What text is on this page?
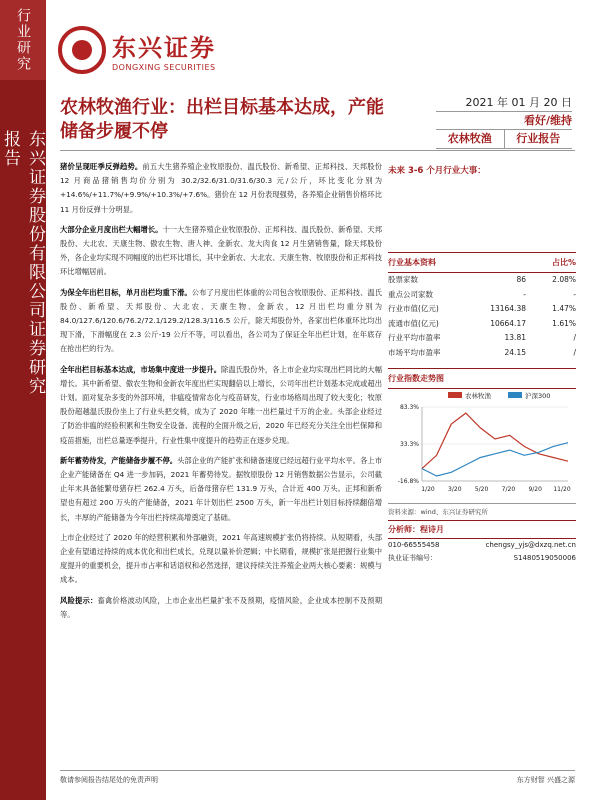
行业研究
东兴证券股份有限公司证券研究报告
东兴证券
DONGXING SECURITIES
农林牧渔行业：出栏目标基本达成，产能储备步履不停
2021 年 01 月 20 日
看好/维持
农林牧渔	行业报告

猪价呈现旺季反弹趋势。前五大生猪养殖企业牧原股份、温氏股份、新希望、正邦科技、天邦股份 12 月商品猪销售均价分别为 30.2/32.6/31.0/31.6/30.3 元/公斤，环比变化分别为+14.6%/+11.7%/+9.9%/+10.3%/+7.6%。猪价在 12 月份表现强势，各养殖企业销售价格环比 11 月份反弹十分明显。

大部分企业月度出栏大幅增长。十一大生猪养殖企业牧原股份、正邦科技、温氏股份、新希望、天邦股份、大北农、天康生物、傲农生物、唐人神、金新农、龙大肉食 12 月生猪销售量，除天邦股份外，各企业均实现不同幅度的出栏环比增长，其中金新农、大北农、天康生物、牧原股份和正邦科技环比增幅居前。

为保全年出栏目标，单月出栏均重下滑。公布了月度出栏体重的公司包含牧原股份、正邦科技、温氏股份、新希望、天邦股份、大北农、天康生物、金新农，12 月出栏均重分别为 84.0/127.6/120.6/76.2/72.1/129.2/128.3/116.5 公斤，除天邦股份外，各家出栏体重环比均出现下滑，下滑幅度在 2.3 公斤-19 公斤不等，可以看出，各公司为了保证全年出栏计划，在年底存在抢出栏的行为。

全年出栏目标基本达成，市场集中度进一步提升。除温氏股份外，各上市企业均实现出栏同比的大幅增长。其中新希望、傲农生物和金新农年度出栏实现翻倍以上增长，公司年出栏计划基本完成或超出计划。面对复杂多变的外部环境，非瘟疫情常态化与疫苗研发，行业市场格局出现了较大变化；牧原股份超越温氏股份坐上了行业头把交椅，成为了 2020 年唯一出栏量过千万的企业。头部企业经过了防治非瘟的经验积累和生物安全设备、流程的全面升级之后，2020 年已经充分关注全出栏保障和疫苗措施，出栏总量逐季提升，行业性集中度提升的趋势正在逐步兑现。

新年蓄势待发，产能储备步履不停。头部企业的产能扩张和储备速度已经远超行业平均水平。各上市企业产能储备在 Q4 进一步加码，2021 年蓄势待发。据牧原股份 12 月销售数据公告显示，公司截止年末具备能繁母猪存栏 262.4 万头，后备母猪存栏 131.9 万头，合计近 400 万头。正邦和新希望也有超过 200 万头的产能储备，2021 年计划出栏 2500 万头，新一年出栏计划目标持续翻倍增长，丰厚的产能储备为今年出栏持续高增奠定了基础。

上市企业经过了 2020 年的经营积累和外部融资，2021 年高速规模扩张仍将持续。从短期看，头部企业有望通过持续的成本优化和出栏成长，兑现以量补价逻辑；中长期看，规模扩张是把握行业集中度提升的重要机会，提升市占率和话语权和必然选择，建议持续关注养殖企业两大核心要素：规模与成本。

风险提示：畜禽价格波动风险，上市企业出栏量扩张不及预期，疫情风险，企业成本控制不及预期等。

未来 3-6 个月行业大事：
行业基本资料	占比%
股票家数	86	2.08%
重点公司家数	-	-
行业市值(亿元)	13164.38	1.47%
流通市值(亿元)	10664.17	1.61%
行业平均市盈率	13.81	/
市场平均市盈率	24.15	/
行业指数走势图
农林牧渔	沪深300
83.3%
33.3%
-16.8%
1/20 3/20 5/20 7/20 9/20 11/20
资料来源：wind、东兴证券研究所
分析师：程诗月
010-66555458	chengsy_yjs@dxzq.net.cn
执业证书编号：	S1480519050006
敬请参阅报告结尾处的免责声明	东方财智 兴盛之源
